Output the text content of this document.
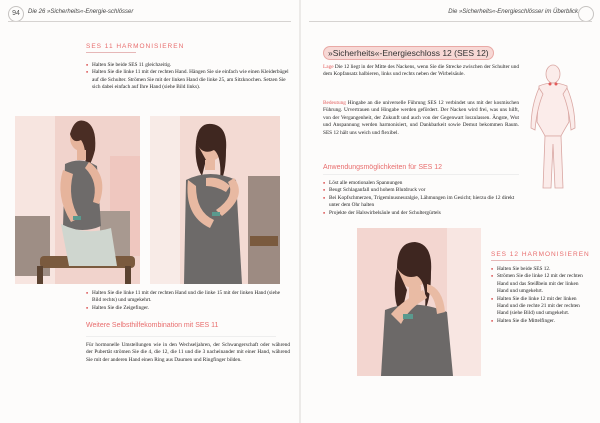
94	Die 26 »Sicherheits«-Energie-schlösser
SES 11 HARMONISIEREN
■ Halten Sie beide SES 11 gleichzeitig.
■ Halten Sie die linke 11 mit der rechten Hand. Hängen Sie sie einfach wie einen Kleiderbügel auf die Schulter. Strömen Sie mit der linken Hand die linke 25, am Sitzknochen. Setzen Sie sich dabei einfach auf Ihre Hand (siehe Bild links).
■ Halten Sie die linke 11 mit der rechten Hand und die linke 15 mit der linken Hand (siehe Bild rechts) und umgekehrt.
■ Halten Sie die Zeigefinger.
Weitere Selbsthilfekombination mit SES 11
Für hormonelle Umstellungen wie in den Wechseljahren, der Schwangerschaft oder während der Pubertät strömen Sie die 4, die 12, die 11 und die 3 nacheinander mit einer Hand, während Sie mit der anderen Hand einen Ring aus Daumen und Ringfinger bilden.
Die »Sicherheits«-Energieschlösser im Überblick
»Sicherheits«-Energieschloss 12 (SES 12)
Lage Die 12 liegt in der Mitte des Nackens, wenn Sie die Strecke zwischen der Schulter und dem Kopfansatz halbieren, links und rechts neben der Wirbelsäule.
Bedeutung Hingabe an die universelle Führung SES 12 verbindet uns mit der kosmischen Führung. Urvertrauen und Hingabe werden gefördert. Der Nacken wird frei, was uns hilft, von der Vergangenheit, der Zukunft und auch von der Gegenwart loszulassen. Ängste, Wut und Anspannung werden harmonisiert, und Dankbarkeit sowie Demut bekommen Raum. SES 12 hält uns weich und flexibel.
Anwendungsmöglichkeiten für SES 12
■ Löst alle emotionalen Spannungen
■ Beugt Schlaganfall und hohem Blutdruck vor
■ Bei Kopfschmerzen, Trigeminusneuralgie, Lähmungen im Gesicht; hierzu die 12 direkt unter dem Ohr halten
■ Projekte der Halswirbelsäule und der Schultergürtels
SES 12 HARMONISIEREN
■ Halten Sie beide SES 12.
■ Strömen Sie die linke 12 mit der rechten Hand und das Steißbein mit der linken Hand und umgekehrt.
■ Halten Sie die linke 12 mit der linken Hand und die rechte 21 mit der rechten Hand (siehe Bild) und umgekehrt.
■ Halten Sie die Mittelfinger.
